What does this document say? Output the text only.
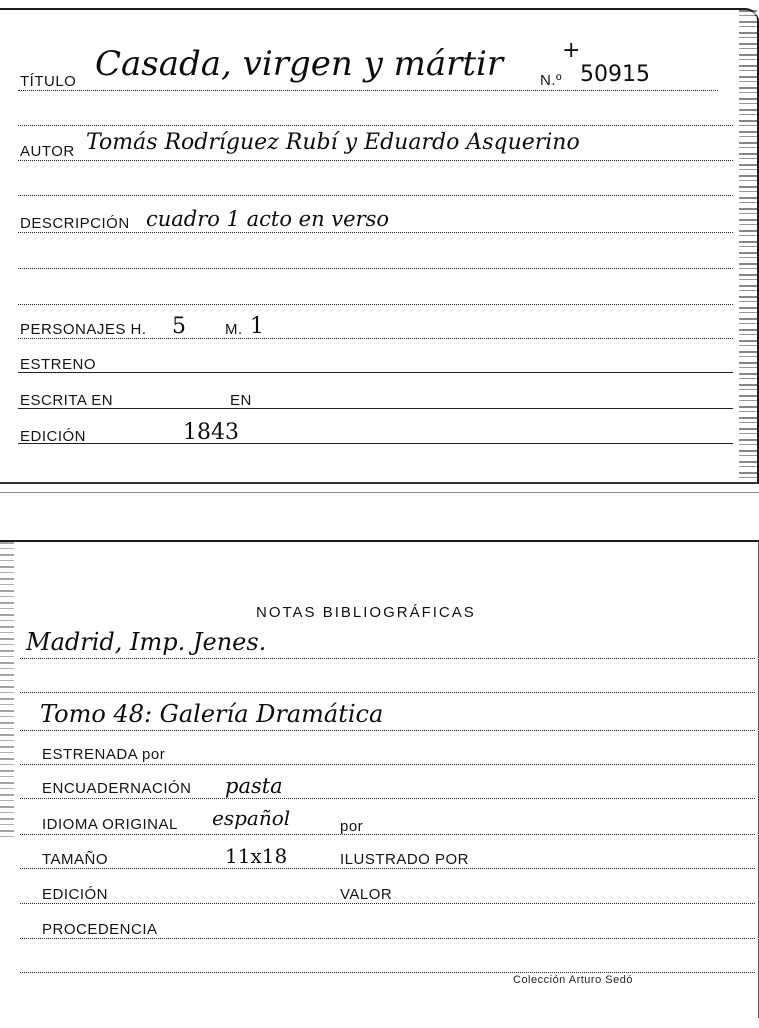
TÍTULO Casada, virgen y mártir	+
N.º 50915
AUTOR Tomás Rodríguez Rubí y Eduardo Asquerino
DESCRIPCIÓN cuadro 1 acto en verso
PERSONAJES H. 5	M. 1
ESTRENO
ESCRITA EN	EN
EDICIÓN	1843
NOTAS BIBLIOGRÁFICAS
Madrid, Imp. Jenes.
Tomo 48: Galería Dramática
ESTRENADA por
ENCUADERNACIÓN pasta
IDIOMA ORIGINAL español	por
TAMAÑO	11x18	ILUSTRADO POR
EDICIÓN	VALOR
PROCEDENCIA
Colección Arturo Sedó
